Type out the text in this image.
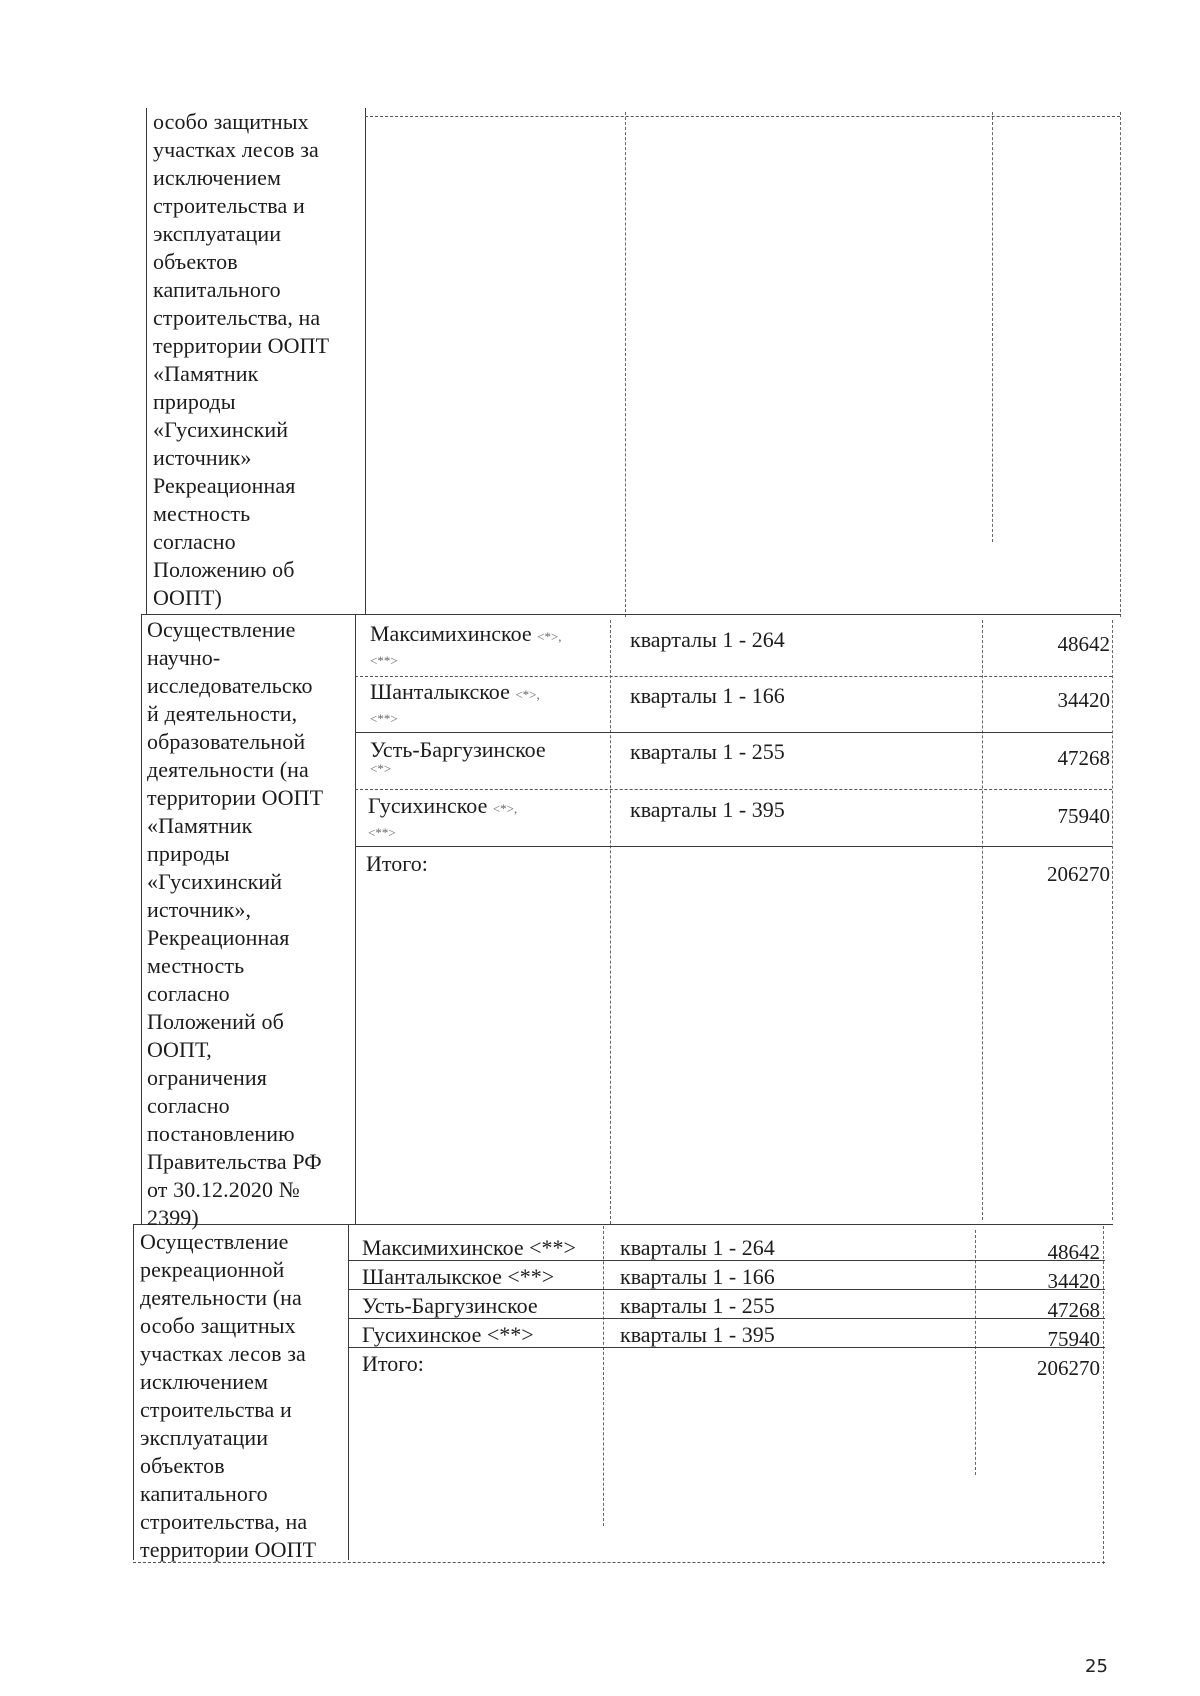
особо защитных
участках лесов за
исключением
строительства и
эксплуатации
объектов
капитального
строительства, на
территории ООПТ
«Памятник
природы
«Гусихинский
источник»
Рекреационная
местность
согласно
Положению об
ООПТ)
Осуществление
научно-
исследовательско
й деятельности,
образовательной
деятельности (на
территории ООПТ
«Памятник
природы
«Гусихинский
источник»,
Рекреационная
местность
согласно
Положений об
ООПТ,
ограничения
согласно
постановлению
Правительства РФ
от 30.12.2020 №
2399)
Максимихинское <*>,
<**>
кварталы 1 - 264	48642
Шанталыкское <*>,
<**>
кварталы 1 - 166	34420
Усть-Баргузинское
<*>
кварталы 1 - 255	47268
Гусихинское <*>,
<**>
кварталы 1 - 395	75940
Итого:	206270
Осуществление
рекреационной
деятельности (на
особо защитных
участках лесов за
исключением
строительства и
эксплуатации
объектов
капитального
строительства, на
территории ООПТ
Максимихинское <**> кварталы 1 - 264	48642
Шанталыкское <**>	кварталы 1 - 166	34420
Усть-Баргузинское	кварталы 1 - 255	47268
Гусихинское <**>	кварталы 1 - 395	75940
Итого:	206270
25
